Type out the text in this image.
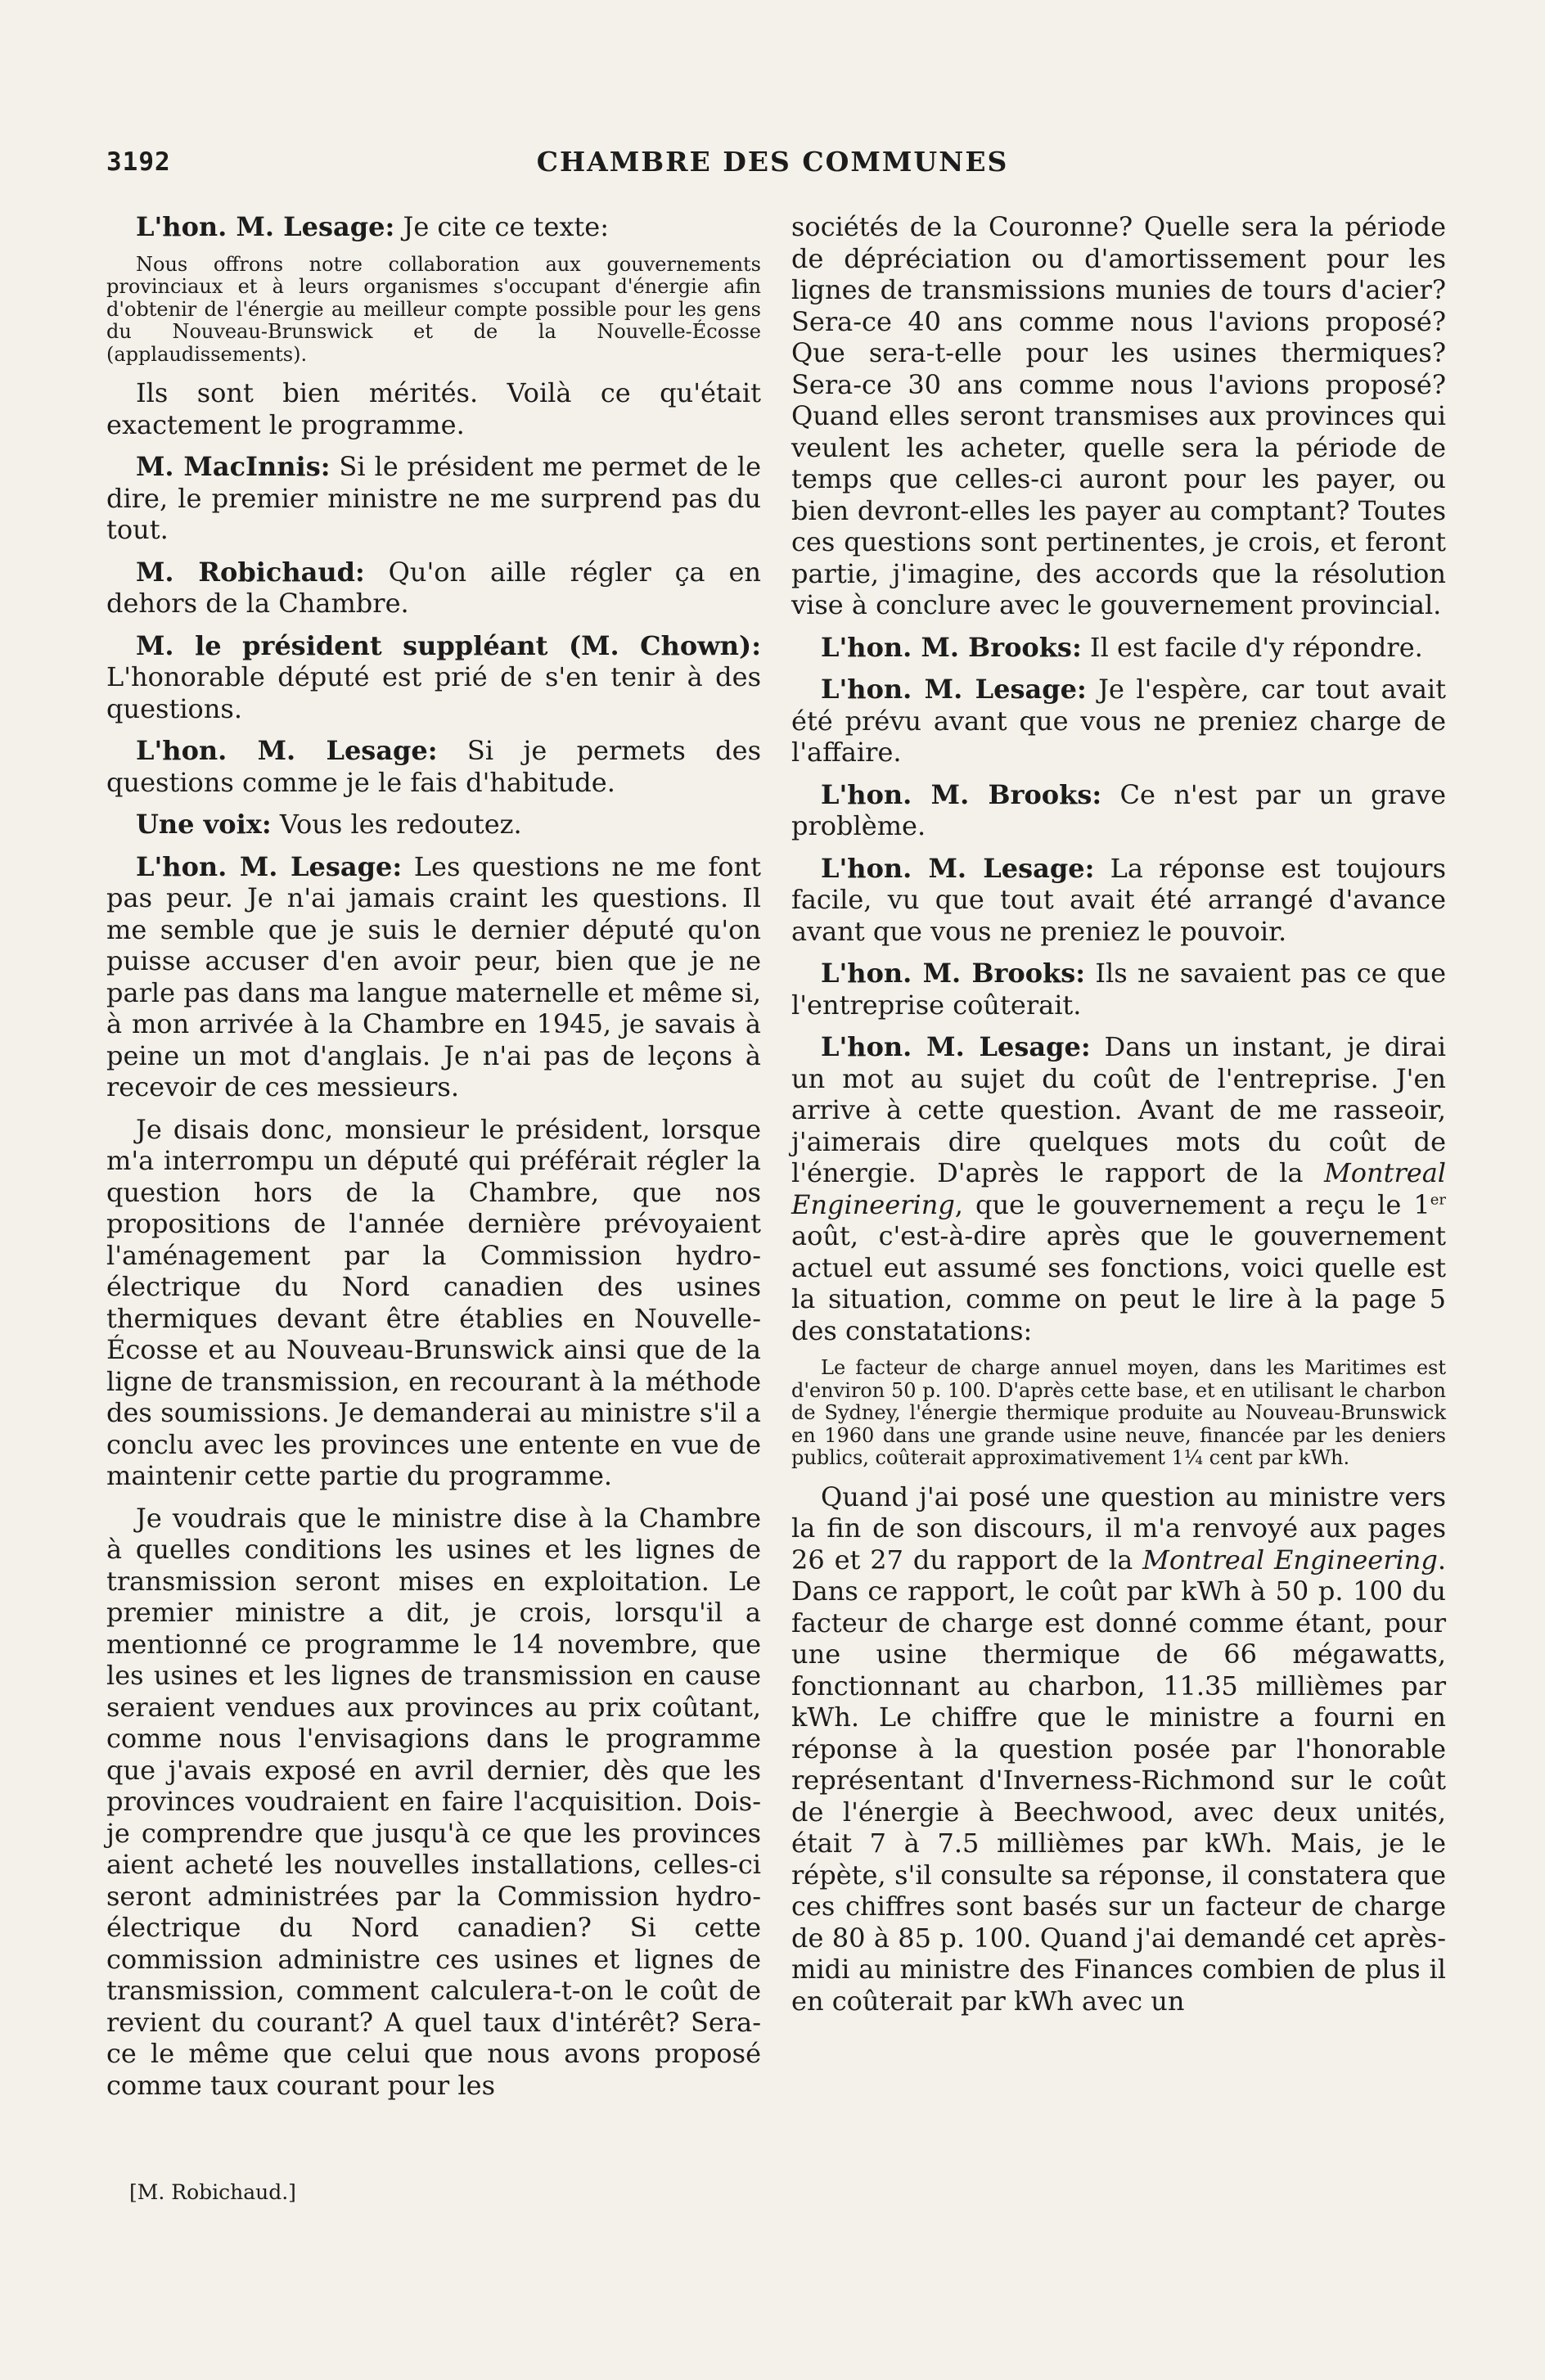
3192	CHAMBRE DES COMMUNES

L'hon. M. Lesage: Je cite ce texte:

Nous offrons notre collaboration aux gouvernements provinciaux et à leurs organismes s'occupant d'énergie afin d'obtenir de l'énergie au meilleur compte possible pour les gens du Nouveau-Brunswick et de la Nouvelle-Écosse (applaudissements).

Ils sont bien mérités. Voilà ce qu'était exactement le programme.

M. MacInnis: Si le président me permet de le dire, le premier ministre ne me surprend pas du tout.

M. Robichaud: Qu'on aille régler ça en dehors de la Chambre.

M. le président suppléant (M. Chown): L'honorable député est prié de s'en tenir à des questions.

L'hon. M. Lesage: Si je permets des questions comme je le fais d'habitude.

Une voix: Vous les redoutez.

L'hon. M. Lesage: Les questions ne me font pas peur. Je n'ai jamais craint les questions. Il me semble que je suis le dernier député qu'on puisse accuser d'en avoir peur, bien que je ne parle pas dans ma langue maternelle et même si, à mon arrivée à la Chambre en 1945, je savais à peine un mot d'anglais. Je n'ai pas de leçons à recevoir de ces messieurs.

Je disais donc, monsieur le président, lorsque m'a interrompu un député qui préférait régler la question hors de la Chambre, que nos propositions de l'année dernière prévoyaient l'aménagement par la Commission hydro-électrique du Nord canadien des usines thermiques devant être établies en Nouvelle-Écosse et au Nouveau-Brunswick ainsi que de la ligne de transmission, en recourant à la méthode des soumissions. Je demanderai au ministre s'il a conclu avec les provinces une entente en vue de maintenir cette partie du programme.

Je voudrais que le ministre dise à la Chambre à quelles conditions les usines et les lignes de transmission seront mises en exploitation. Le premier ministre a dit, je crois, lorsqu'il a mentionné ce programme le 14 novembre, que les usines et les lignes de transmission en cause seraient vendues aux provinces au prix coûtant, comme nous l'envisagions dans le programme que j'avais exposé en avril dernier, dès que les provinces voudraient en faire l'acquisition. Dois-je comprendre que jusqu'à ce que les provinces aient acheté les nouvelles installations, celles-ci seront administrées par la Commission hydro-électrique du Nord canadien? Si cette commission administre ces usines et lignes de transmission, comment calculera-t-on le coût de revient du courant? A quel taux d'intérêt? Sera-ce le même que celui que nous avons proposé comme taux courant pour les

sociétés de la Couronne? Quelle sera la période de dépréciation ou d'amortissement pour les lignes de transmissions munies de tours d'acier? Sera-ce 40 ans comme nous l'avions proposé? Que sera-t-elle pour les usines thermiques? Sera-ce 30 ans comme nous l'avions proposé? Quand elles seront transmises aux provinces qui veulent les acheter, quelle sera la période de temps que celles-ci auront pour les payer, ou bien devront-elles les payer au comptant? Toutes ces questions sont pertinentes, je crois, et feront partie, j'imagine, des accords que la résolution vise à conclure avec le gouvernement provincial.

L'hon. M. Brooks: Il est facile d'y répondre.

L'hon. M. Lesage: Je l'espère, car tout avait été prévu avant que vous ne preniez charge de l'affaire.

L'hon. M. Brooks: Ce n'est par un grave problème.

L'hon. M. Lesage: La réponse est toujours facile, vu que tout avait été arrangé d'avance avant que vous ne preniez le pouvoir.

L'hon. M. Brooks: Ils ne savaient pas ce que l'entreprise coûterait.

L'hon. M. Lesage: Dans un instant, je dirai un mot au sujet du coût de l'entreprise. J'en arrive à cette question. Avant de me rasseoir, j'aimerais dire quelques mots du coût de l'énergie. D'après le rapport de la Montreal Engineering, que le gouvernement a reçu le 1er août, c'est-à-dire après que le gouvernement actuel eut assumé ses fonctions, voici quelle est la situation, comme on peut le lire à la page 5 des constatations:

Le facteur de charge annuel moyen, dans les Maritimes est d'environ 50 p. 100. D'après cette base, et en utilisant le charbon de Sydney, l'énergie thermique produite au Nouveau-Brunswick en 1960 dans une grande usine neuve, financée par les deniers publics, coûterait approximativement 1¼ cent par kWh.

Quand j'ai posé une question au ministre vers la fin de son discours, il m'a renvoyé aux pages 26 et 27 du rapport de la Montreal Engineering. Dans ce rapport, le coût par kWh à 50 p. 100 du facteur de charge est donné comme étant, pour une usine thermique de 66 mégawatts, fonctionnant au charbon, 11.35 millièmes par kWh. Le chiffre que le ministre a fourni en réponse à la question posée par l'honorable représentant d'Inverness-Richmond sur le coût de l'énergie à Beechwood, avec deux unités, était 7 à 7.5 millièmes par kWh. Mais, je le répète, s'il consulte sa réponse, il constatera que ces chiffres sont basés sur un facteur de charge de 80 à 85 p. 100. Quand j'ai demandé cet après-midi au ministre des Finances combien de plus il en coûterait par kWh avec un

[M. Robichaud.]
